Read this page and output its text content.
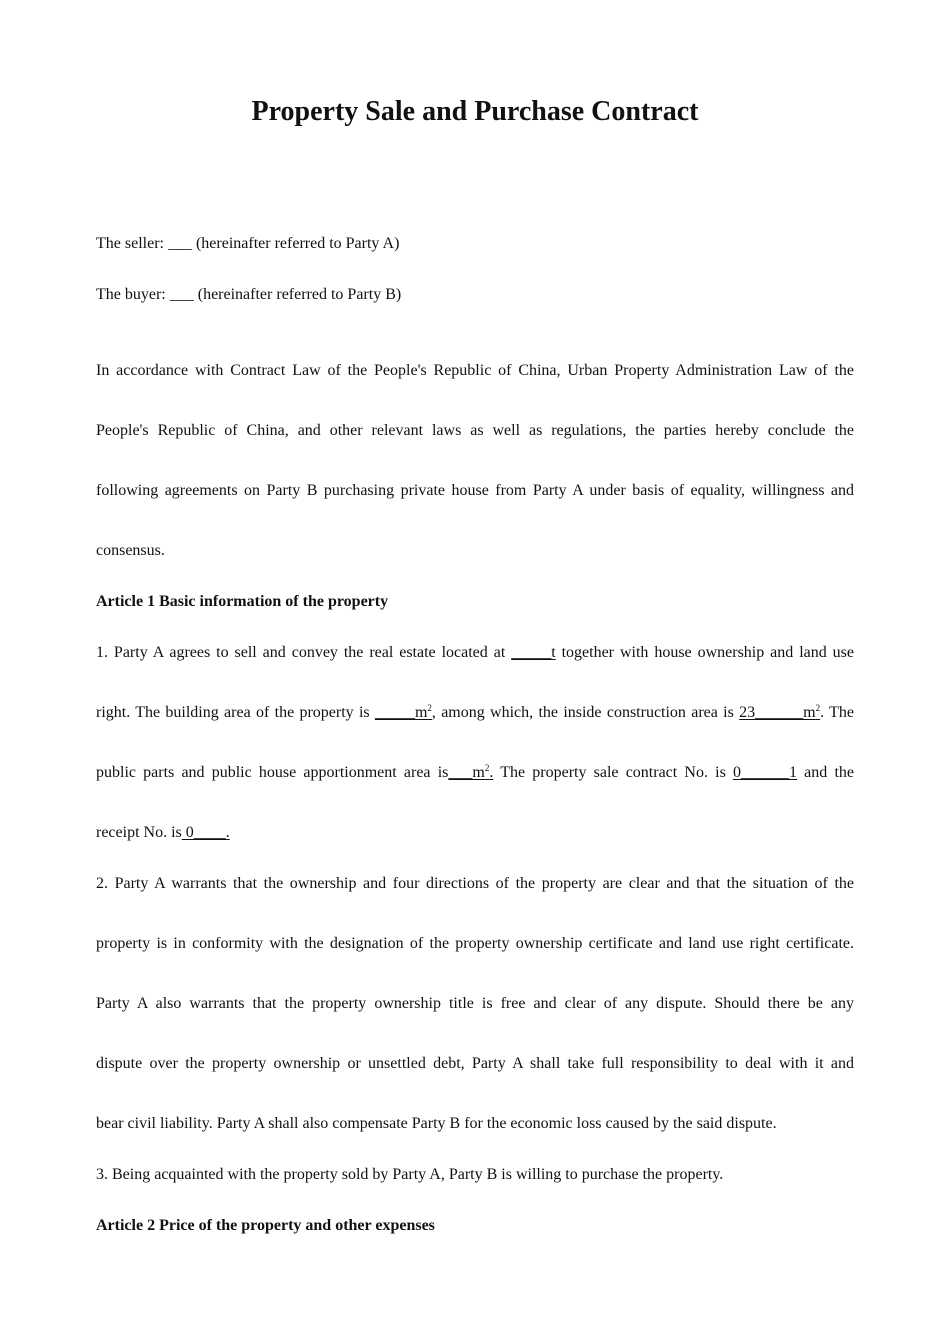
Property Sale and Purchase Contract

The seller: ___ (hereinafter referred to Party A)

The buyer: ___ (hereinafter referred to Party B)

In accordance with Contract Law of the People's Republic of China, Urban Property Administration Law of the

People's Republic of China, and other relevant laws as well as regulations, the parties hereby conclude the

following agreements on Party B purchasing private house from Party A under basis of equality, willingness and

consensus.

Article 1 Basic information of the property

1. Party A agrees to sell and convey the real estate located at _____t together with house ownership and land use

right. The building area of the property is $\_\_\_\_\_m^2$, among which, the inside construction area is $23\_\_\_\_\_\_m^2$. The

public parts and public house apportionment area $is\_\_\_m^2$. The property sale contract No. is 0______1 and the

receipt No. is 0____.

2. Party A warrants that the ownership and four directions of the property are clear and that the situation of the

property is in conformity with the designation of the property ownership certificate and land use right certificate.

Party A also warrants that the property ownership title is free and clear of any dispute. Should there be any

dispute over the property ownership or unsettled debt, Party A shall take full responsibility to deal with it and

bear civil liability. Party A shall also compensate Party B for the economic loss caused by the said dispute.

3. Being acquainted with the property sold by Party A, Party B is willing to purchase the property.

Article 2 Price of the property and other expenses
